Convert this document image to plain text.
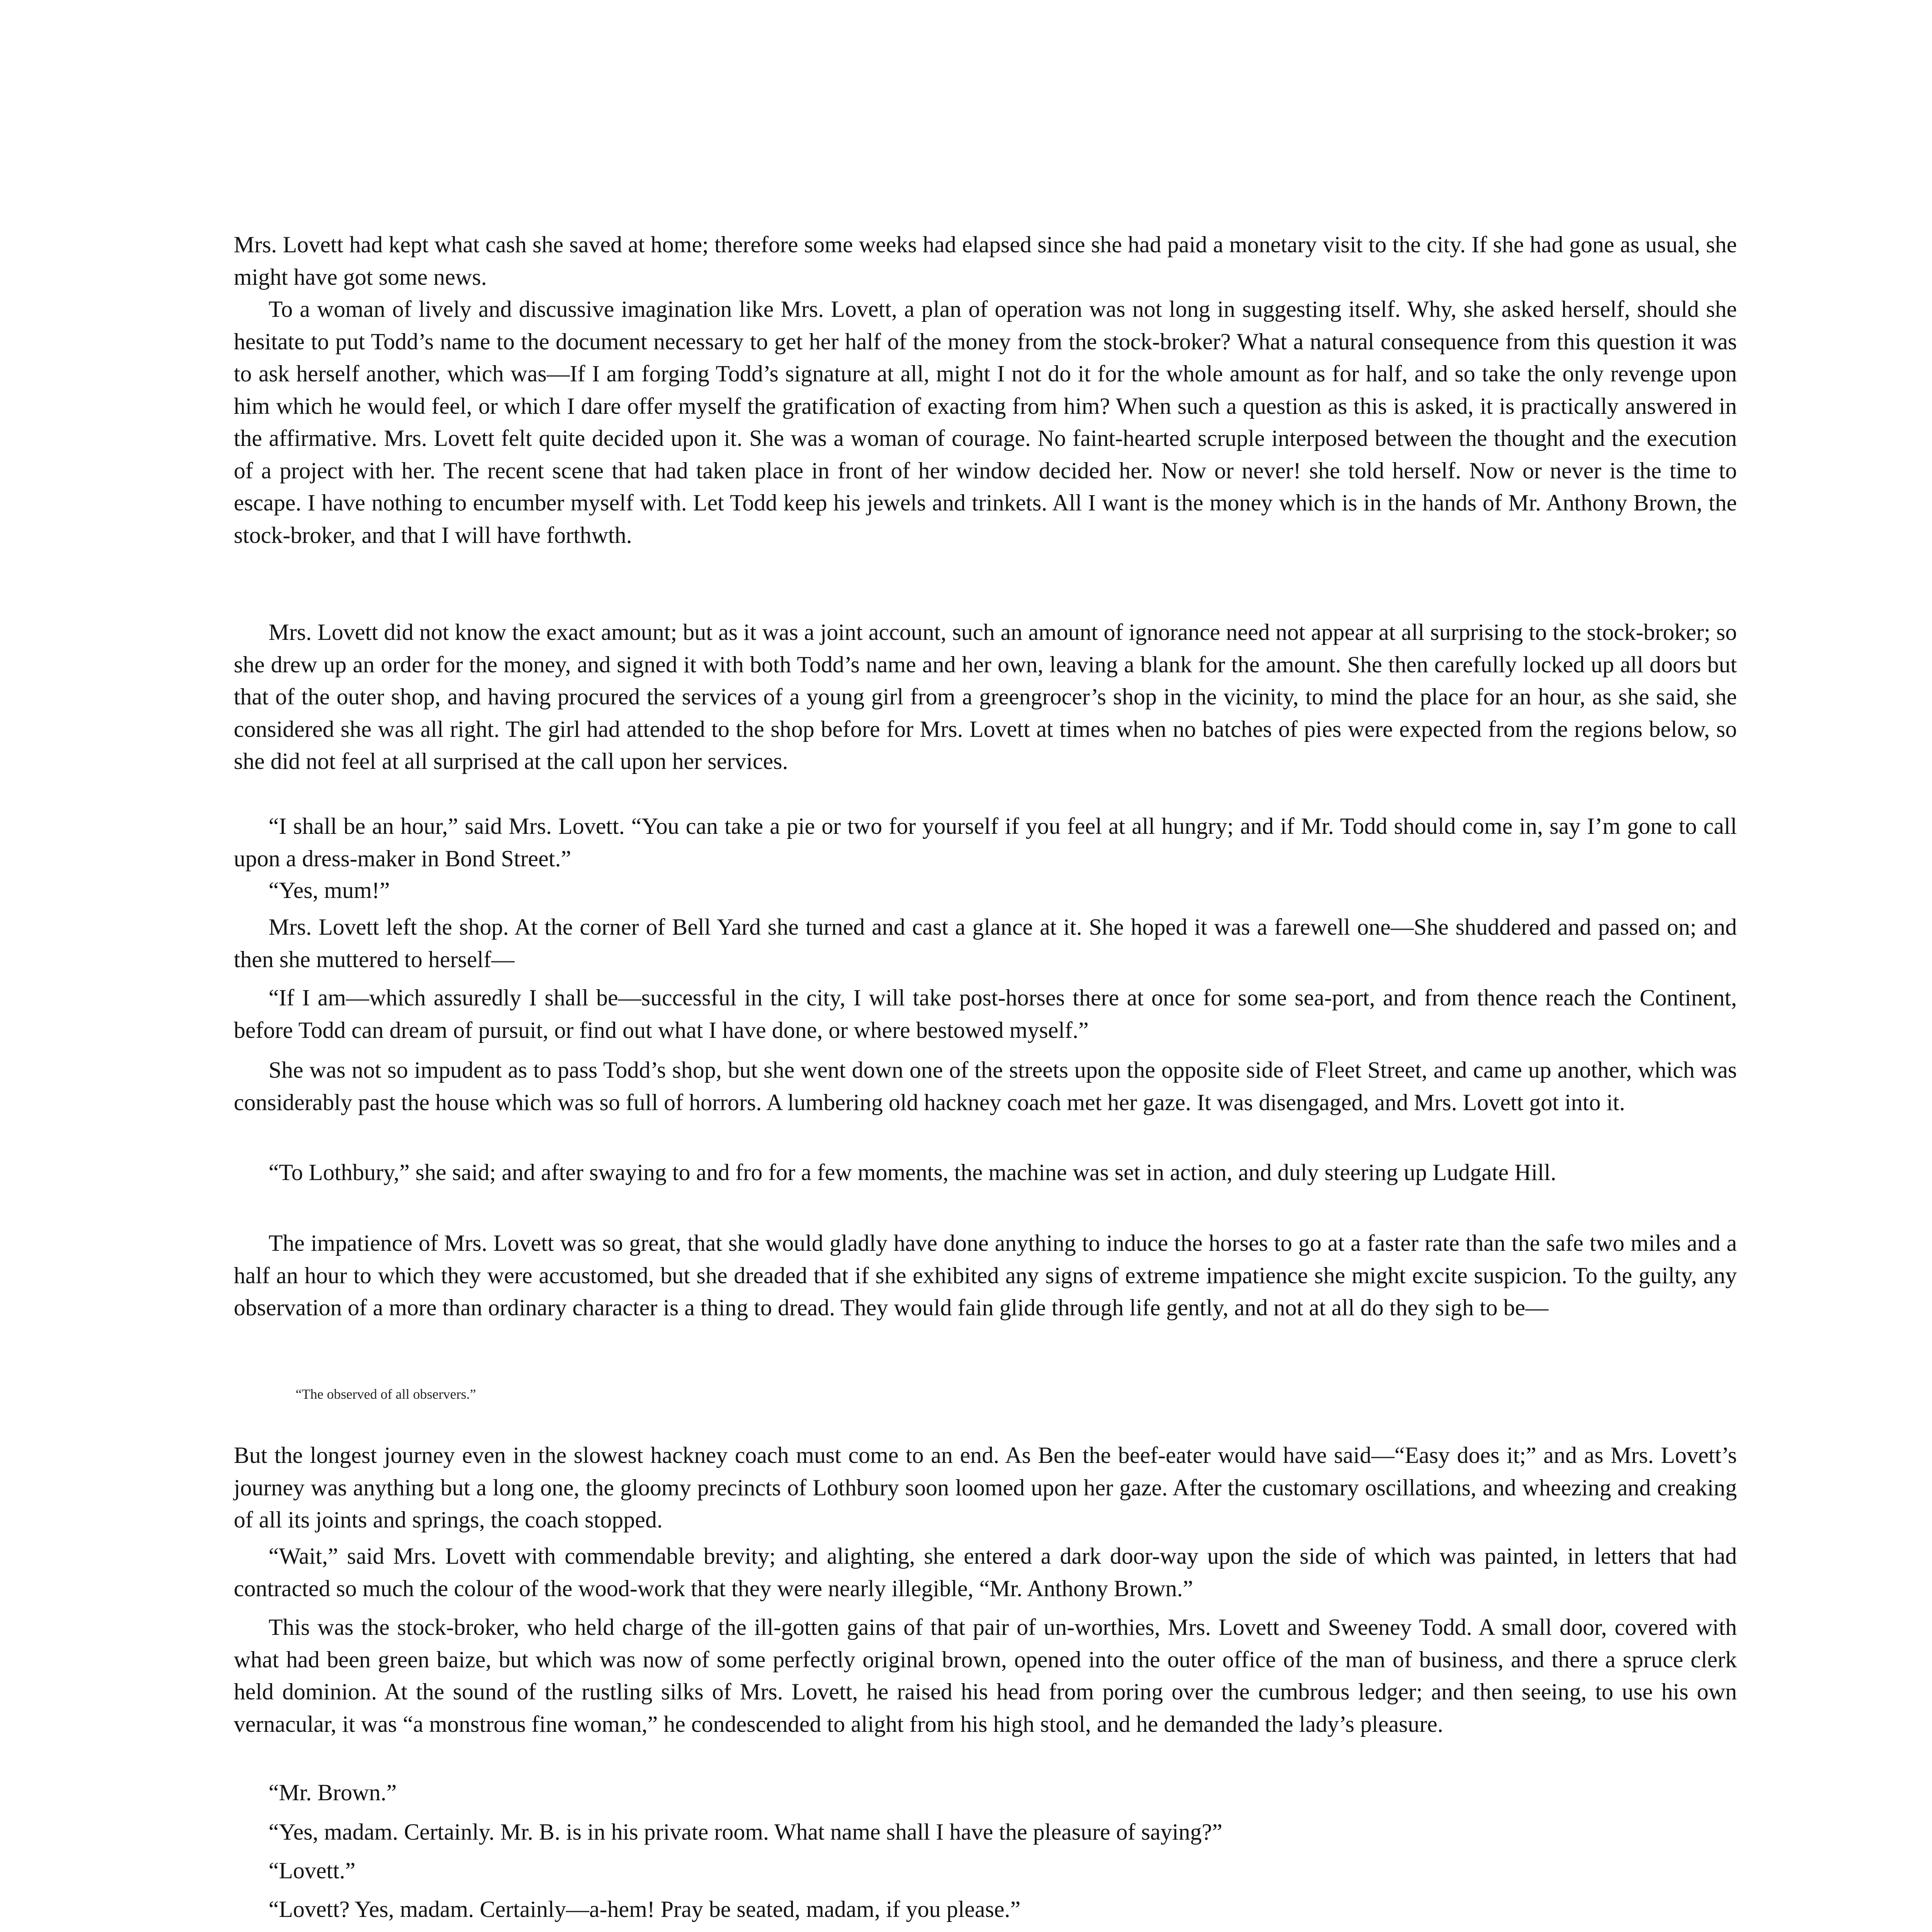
Mrs. Lovett had kept what cash she saved at home; therefore some weeks had elapsed since she had paid a monetary visit to the city. If she had gone as usual, she might have got some news.

To a woman of lively and discussive imagination like Mrs. Lovett, a plan of operation was not long in suggesting itself. Why, she asked herself, should she hesitate to put Todd’s name to the document necessary to get her half of the money from the stock-broker? What a natural consequence from this question it was to ask herself another, which was—If I am forging Todd’s signature at all, might I not do it for the whole amount as for half, and so take the only revenge upon him which he would feel, or which I dare offer myself the gratification of exacting from him? When such a question as this is asked, it is practically answered in the affirmative. Mrs. Lovett felt quite decided upon it. She was a woman of courage. No faint-hearted scruple interposed between the thought and the execution of a project with her. The recent scene that had taken place in front of her window decided her. Now or never! she told herself. Now or never is the time to escape. I have nothing to encumber myself with. Let Todd keep his jewels and trinkets. All I want is the money which is in the hands of Mr. Anthony Brown, the stock-broker, and that I will have forthwth.

Mrs. Lovett did not know the exact amount; but as it was a joint account, such an amount of ignorance need not appear at all surprising to the stock-broker; so she drew up an order for the money, and signed it with both Todd’s name and her own, leaving a blank for the amount. She then carefully locked up all doors but that of the outer shop, and having procured the services of a young girl from a greengrocer’s shop in the vicinity, to mind the place for an hour, as she said, she considered she was all right. The girl had attended to the shop before for Mrs. Lovett at times when no batches of pies were expected from the regions below, so she did not feel at all surprised at the call upon her services.

“I shall be an hour,” said Mrs. Lovett. “You can take a pie or two for yourself if you feel at all hungry; and if Mr. Todd should come in, say I’m gone to call upon a dress-maker in Bond Street.”

“Yes, mum!”

Mrs. Lovett left the shop. At the corner of Bell Yard she turned and cast a glance at it. She hoped it was a farewell one—She shuddered and passed on; and then she muttered to herself—

“If I am—which assuredly I shall be—successful in the city, I will take post-horses there at once for some sea-port, and from thence reach the Continent, before Todd can dream of pursuit, or find out what I have done, or where bestowed myself.”

She was not so impudent as to pass Todd’s shop, but she went down one of the streets upon the opposite side of Fleet Street, and came up another, which was considerably past the house which was so full of horrors. A lumbering old hackney coach met her gaze. It was disengaged, and Mrs. Lovett got into it.

“To Lothbury,” she said; and after swaying to and fro for a few moments, the machine was set in action, and duly steering up Ludgate Hill.

The impatience of Mrs. Lovett was so great, that she would gladly have done anything to induce the horses to go at a faster rate than the safe two miles and a half an hour to which they were accustomed, but she dreaded that if she exhibited any signs of extreme impatience she might excite suspicion. To the guilty, any observation of a more than ordinary character is a thing to dread. They would fain glide through life gently, and not at all do they sigh to be—

“The observed of all observers.”

But the longest journey even in the slowest hackney coach must come to an end. As Ben the beef-eater would have said—“Easy does it;” and as Mrs. Lovett’s journey was anything but a long one, the gloomy precincts of Lothbury soon loomed upon her gaze. After the customary oscillations, and wheezing and creaking of all its joints and springs, the coach stopped.

“Wait,” said Mrs. Lovett with commendable brevity; and alighting, she entered a dark door-way upon the side of which was painted, in letters that had contracted so much the colour of the wood-work that they were nearly illegible, “Mr. Anthony Brown.”

This was the stock-broker, who held charge of the ill-gotten gains of that pair of un-worthies, Mrs. Lovett and Sweeney Todd. A small door, covered with what had been green baize, but which was now of some perfectly original brown, opened into the outer office of the man of business, and there a spruce clerk held dominion. At the sound of the rustling silks of Mrs. Lovett, he raised his head from poring over the cumbrous ledger; and then seeing, to use his own vernacular, it was “a monstrous fine woman,” he condescended to alight from his high stool, and he demanded the lady’s pleasure.

“Mr. Brown.”

“Yes, madam. Certainly. Mr. B. is in his private room. What name shall I have the pleasure of saying?”

“Lovett.”

“Lovett? Yes, madam. Certainly—a-hem! Pray be seated, madam, if you please.”
